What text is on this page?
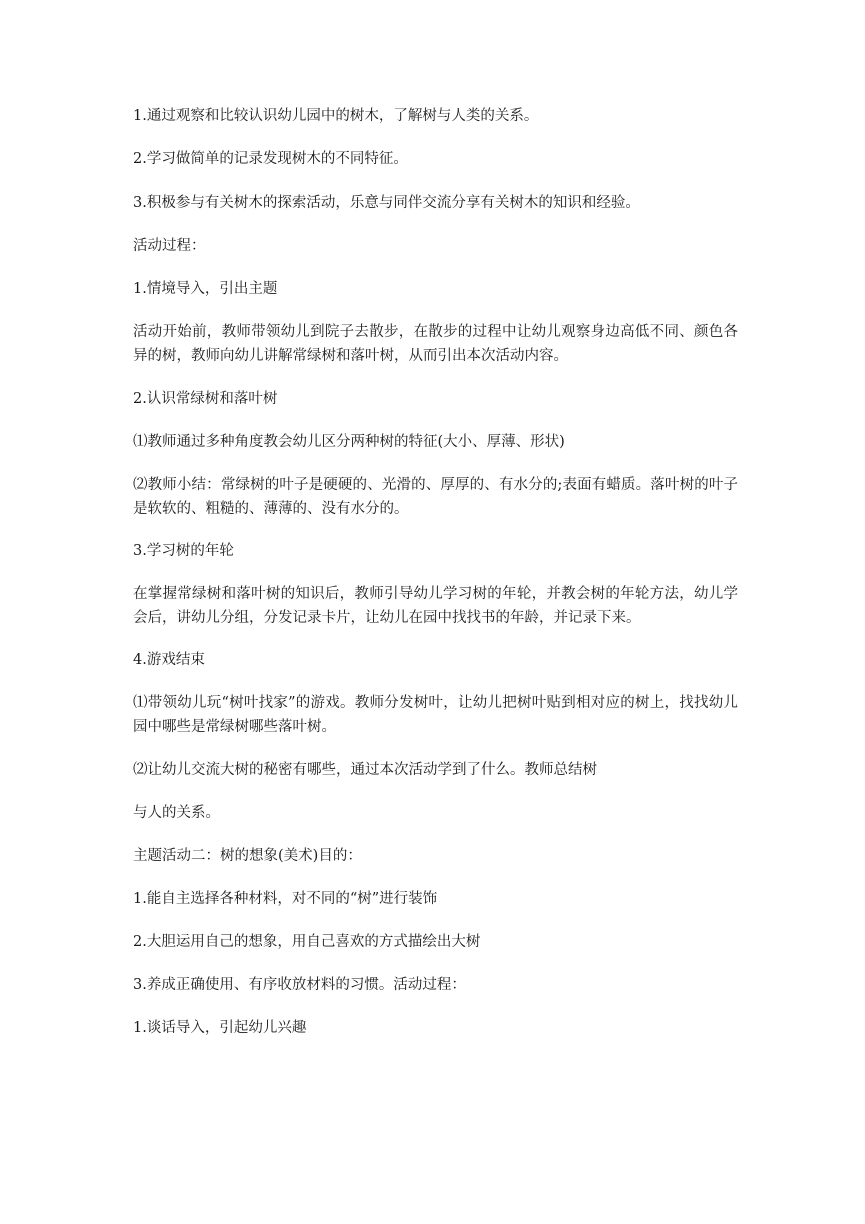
1.通过观察和比较认识幼儿园中的树木，了解树与人类的关系。

2.学习做简单的记录发现树木的不同特征。

3.积极参与有关树木的探索活动，乐意与同伴交流分享有关树木的知识和经验。

活动过程：

1.情境导入，引出主题

活动开始前，教师带领幼儿到院子去散步，在散步的过程中让幼儿观察身边高低不同、颜色各异的树，教师向幼儿讲解常绿树和落叶树，从而引出本次活动内容。

2.认识常绿树和落叶树

⑴教师通过多种角度教会幼儿区分两种树的特征(大小、厚薄、形状)

⑵教师小结：常绿树的叶子是硬硬的、光滑的、厚厚的、有水分的;表面有蜡质。落叶树的叶子是软软的、粗糙的、薄薄的、没有水分的。

3.学习树的年轮

在掌握常绿树和落叶树的知识后，教师引导幼儿学习树的年轮，并教会树的年轮方法，幼儿学会后，讲幼儿分组，分发记录卡片，让幼儿在园中找找书的年龄，并记录下来。

4.游戏结束

⑴带领幼儿玩“树叶找家”的游戏。教师分发树叶，让幼儿把树叶贴到相对应的树上，找找幼儿园中哪些是常绿树哪些落叶树。

⑵让幼儿交流大树的秘密有哪些，通过本次活动学到了什么。教师总结树

与人的关系。

主题活动二：树的想象(美术)目的：

1.能自主选择各种材料，对不同的“树”进行装饰

2.大胆运用自己的想象，用自己喜欢的方式描绘出大树

3.养成正确使用、有序收放材料的习惯。活动过程：

1.谈话导入，引起幼儿兴趣
